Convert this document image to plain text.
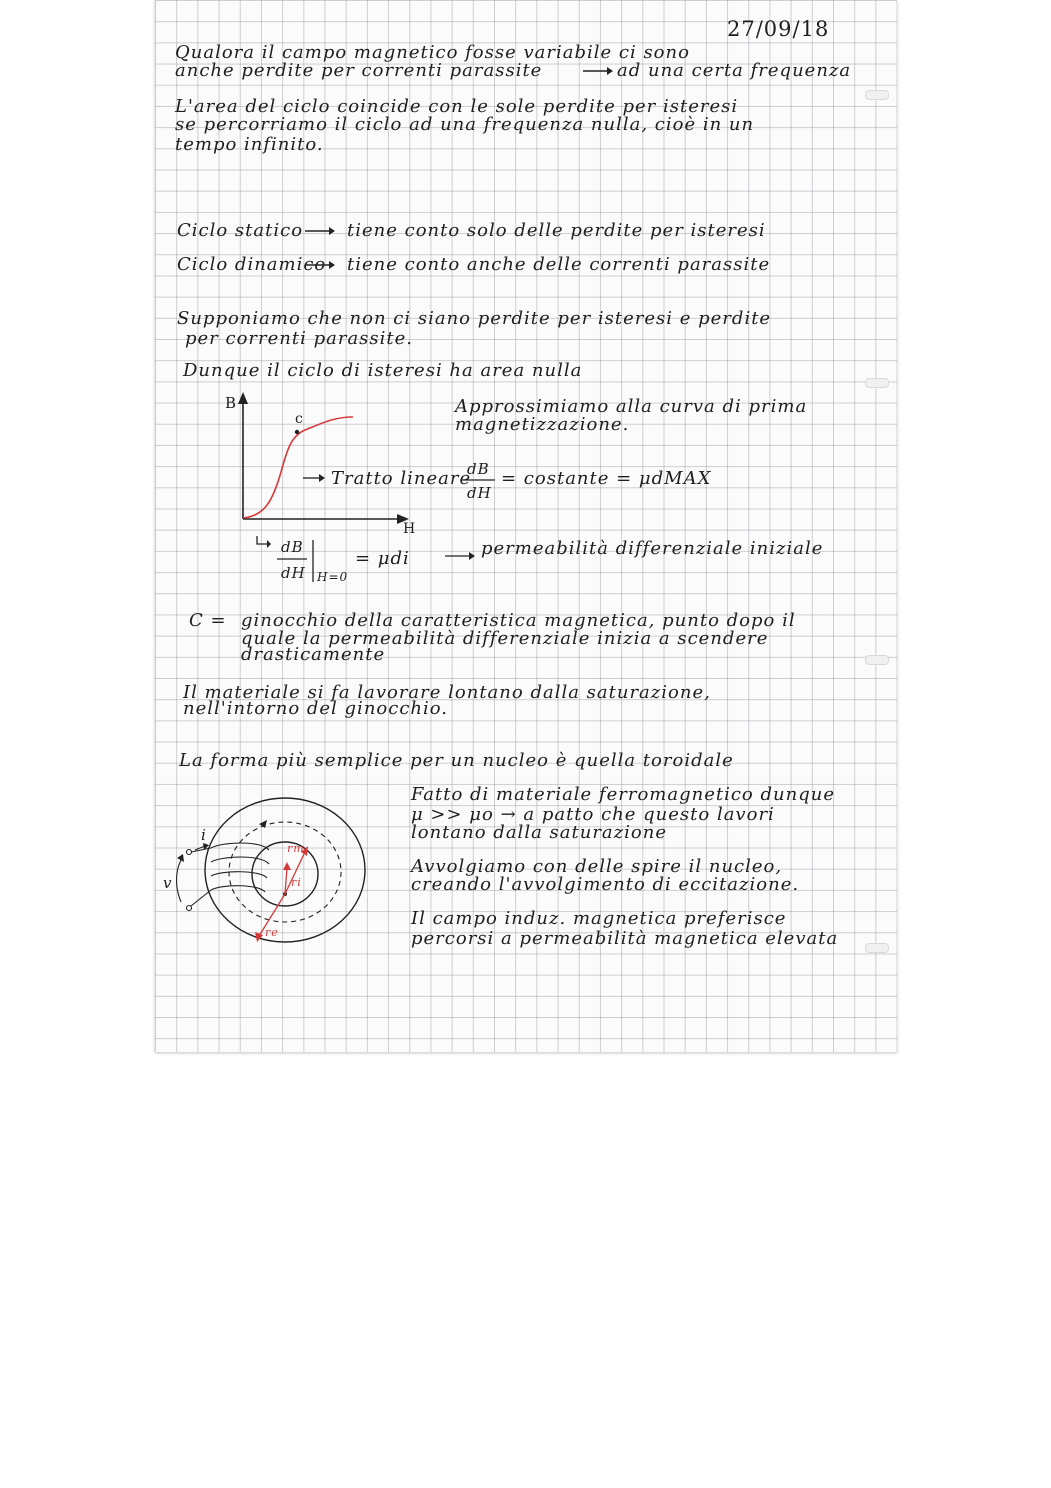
27/09/18
Qualora il campo magnetico fosse variabile ci sono
anche perdite per correnti parassite	ad una certa frequenza
L'area del ciclo coincide con le sole perdite per isteresi
se percorriamo il ciclo ad una frequenza nulla, cioè in un
tempo infinito.
Ciclo statico tiene conto solo delle perdite per isteresi
Ciclo dinamico tiene conto anche delle correnti parassite
Supponiamo che non ci siano perdite per isteresi e perdite
per correnti parassite.
Dunque il ciclo di isteresi ha area nulla
B
H
c
Approssimiamo alla curva di prima
magnetizzazione.
Tratto lineare
dB
dH
= costante = μdMAX
dB
dH H=0
= μdi	permeabilità differenziale iniziale
C = ginocchio della caratteristica magnetica, punto dopo il
quale la permeabilità differenziale inizia a scendere
drasticamente
Il materiale si fa lavorare lontano dalla saturazione,
nell'intorno del ginocchio.
La forma più semplice per un nucleo è quella toroidale
Fatto di materiale ferromagnetico dunque
μ >> μo → a patto che questo lavori
lontano dalla saturazione
Avvolgiamo con delle spire il nucleo,
creando l'avvolgimento di eccitazione.
Il campo induz. magnetica preferisce
percorsi a permeabilità magnetica elevata
i
v
rm
ri
re
